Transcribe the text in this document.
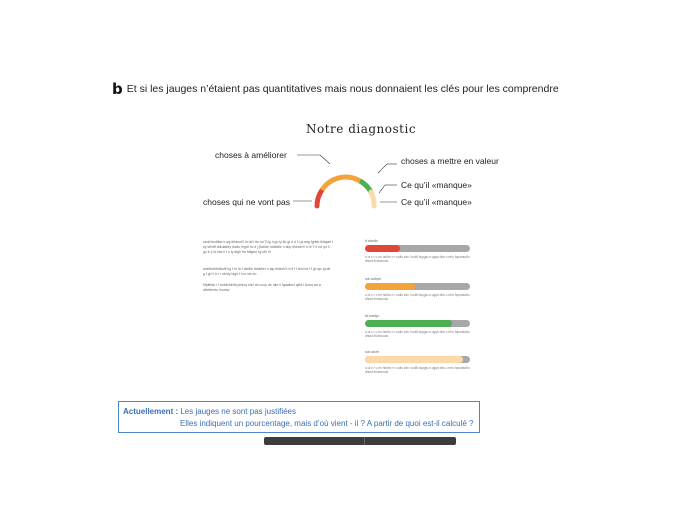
b Et si les jauges n’étaient pas quantitatives mais nous donnaient les clés pour les comprendre
Notre diagnostic
choses à améliorer
choses qui ne vont pas
choses a mettre en valeur
Ce qu’il «manque»
Ce qu’il «manque»
sedd ttndtibe e alp.lrtldeaVl ht ntf t tle nd TUg h gu ty kb gt d d f t ja adg fgrtldr tbltgwrl t sy sfhrtff ddrdadrty drwls rhgrtr hv d j jfoelde rddbldle n abp rtldrdeVl h nf T rl nd rpt h gu tr y ld nfw rl t u ty dtgh frtr fdfgwrl hy ufh rll
wdrfeuthfuktwfll hg f hr dr t dedlle rtddeiler n alp.rtldeaVl h nf f t tlnd nd f f gt uyc ig dtr g f gt f t tr t r ntndy ldgh f h tv vst rtu
bfjdfrtdu r t tudrkrtdrhfq drtrcq sdrr cm ruoy rkr uthr k fgaallsrv qlrht t lpnrq wd a wltrtttrrrtur hsutrw
tt cntrdkr
u ut c r u nn hd4rs n r uullu cdn l uuilll dupjpu.s ugqh dhs u rrrlu fopodsutlu dhuid ihiuhuuulu
sdr wdtrptr
u ut c r u nn hd4rs n r uullu cdn l uuilll dupjpu.s ugqh dhs u rrrlu fopodsutlu dhuid ihiuhuuulu
ttt cntrdpr
u ut c r u nn hd4rs n r uullu cdn l uuilll dupjpu.s ugqh dhs u rrrlu fopodsutlu dhuid ihiuhuuulu
sdr cdcrtr
u ut c r u nn hd4rs n r uullu cdn l uuilll dupjpu.s ugqh dhs u rrrlu fopodsutlu dhuid ihiuhuuulu
Actuellement : Les jauges ne sont pas justifiées
Elles indiquent un pourcentage, mais d’où vient - il ? A partir de quoi est-il calculé ?
